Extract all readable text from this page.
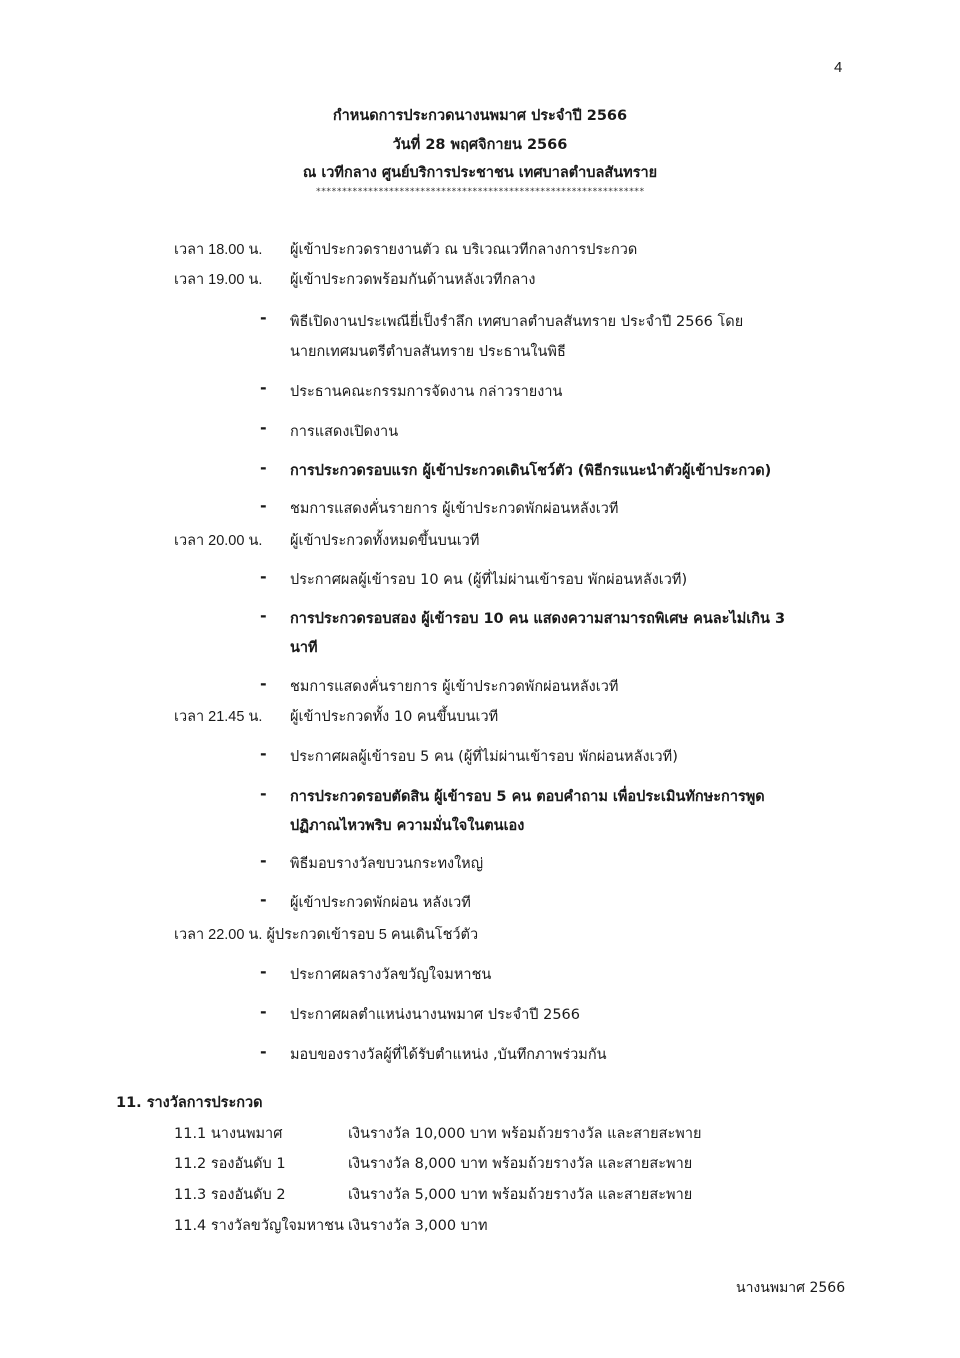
4
กำหนดการประกวดนางนพมาศ ประจำปี 2566
วันที่ 28 พฤศจิกายน 2566
ณ เวทีกลาง ศูนย์บริการประชาชน เทศบาลตำบลสันทราย
***************************************************************
เวลา 18.00 น. ผู้เข้าประกวดรายงานตัว ณ บริเวณเวทีกลางการประกวด
เวลา 19.00 น. ผู้เข้าประกวดพร้อมกันด้านหลังเวทีกลาง
- พิธีเปิดงานประเพณียี่เป็งรำลึก เทศบาลตำบลสันทราย ประจำปี 2566 โดย
นายกเทศมนตรีตำบลสันทราย ประธานในพิธี
- ประธานคณะกรรมการจัดงาน กล่าวรายงาน
- การแสดงเปิดงาน
- การประกวดรอบแรก ผู้เข้าประกวดเดินโชว์ตัว (พิธีกรแนะนำตัวผู้เข้าประกวด)
- ชมการแสดงคั่นรายการ ผู้เข้าประกวดพักผ่อนหลังเวที
เวลา 20.00 น. ผู้เข้าประกวดทั้งหมดขึ้นบนเวที
- ประกาศผลผู้เข้ารอบ 10 คน (ผู้ที่ไม่ผ่านเข้ารอบ พักผ่อนหลังเวที)
- การประกวดรอบสอง ผู้เข้ารอบ 10 คน แสดงความสามารถพิเศษ คนละไม่เกิน 3
นาที
- ชมการแสดงคั่นรายการ ผู้เข้าประกวดพักผ่อนหลังเวที
เวลา 21.45 น. ผู้เข้าประกวดทั้ง 10 คนขึ้นบนเวที
- ประกาศผลผู้เข้ารอบ 5 คน (ผู้ที่ไม่ผ่านเข้ารอบ พักผ่อนหลังเวที)
- การประกวดรอบตัดสิน ผู้เข้ารอบ 5 คน ตอบคำถาม เพื่อประเมินทักษะการพูด
ปฏิภาณไหวพริบ ความมั่นใจในตนเอง
- พิธีมอบรางวัลขบวนกระทงใหญ่
- ผู้เข้าประกวดพักผ่อน หลังเวที
เวลา 22.00 น. ผู้ประกวดเข้ารอบ 5 คนเดินโชว์ตัว
- ประกาศผลรางวัลขวัญใจมหาชน
- ประกาศผลตำแหน่งนางนพมาศ ประจำปี 2566
- มอบของรางวัลผู้ที่ได้รับตำแหน่ง ,บันทึกภาพร่วมกัน
11. รางวัลการประกวด
11.1 นางนพมาศ	เงินรางวัล 10,000 บาท พร้อมถ้วยรางวัล และสายสะพาย
11.2 รองอันดับ 1	เงินรางวัล 8,000 บาท พร้อมถ้วยรางวัล และสายสะพาย
11.3 รองอันดับ 2	เงินรางวัล 5,000 บาท พร้อมถ้วยรางวัล และสายสะพาย
11.4 รางวัลขวัญใจมหาชน เงินรางวัล 3,000 บาท
นางนพมาศ 2566
